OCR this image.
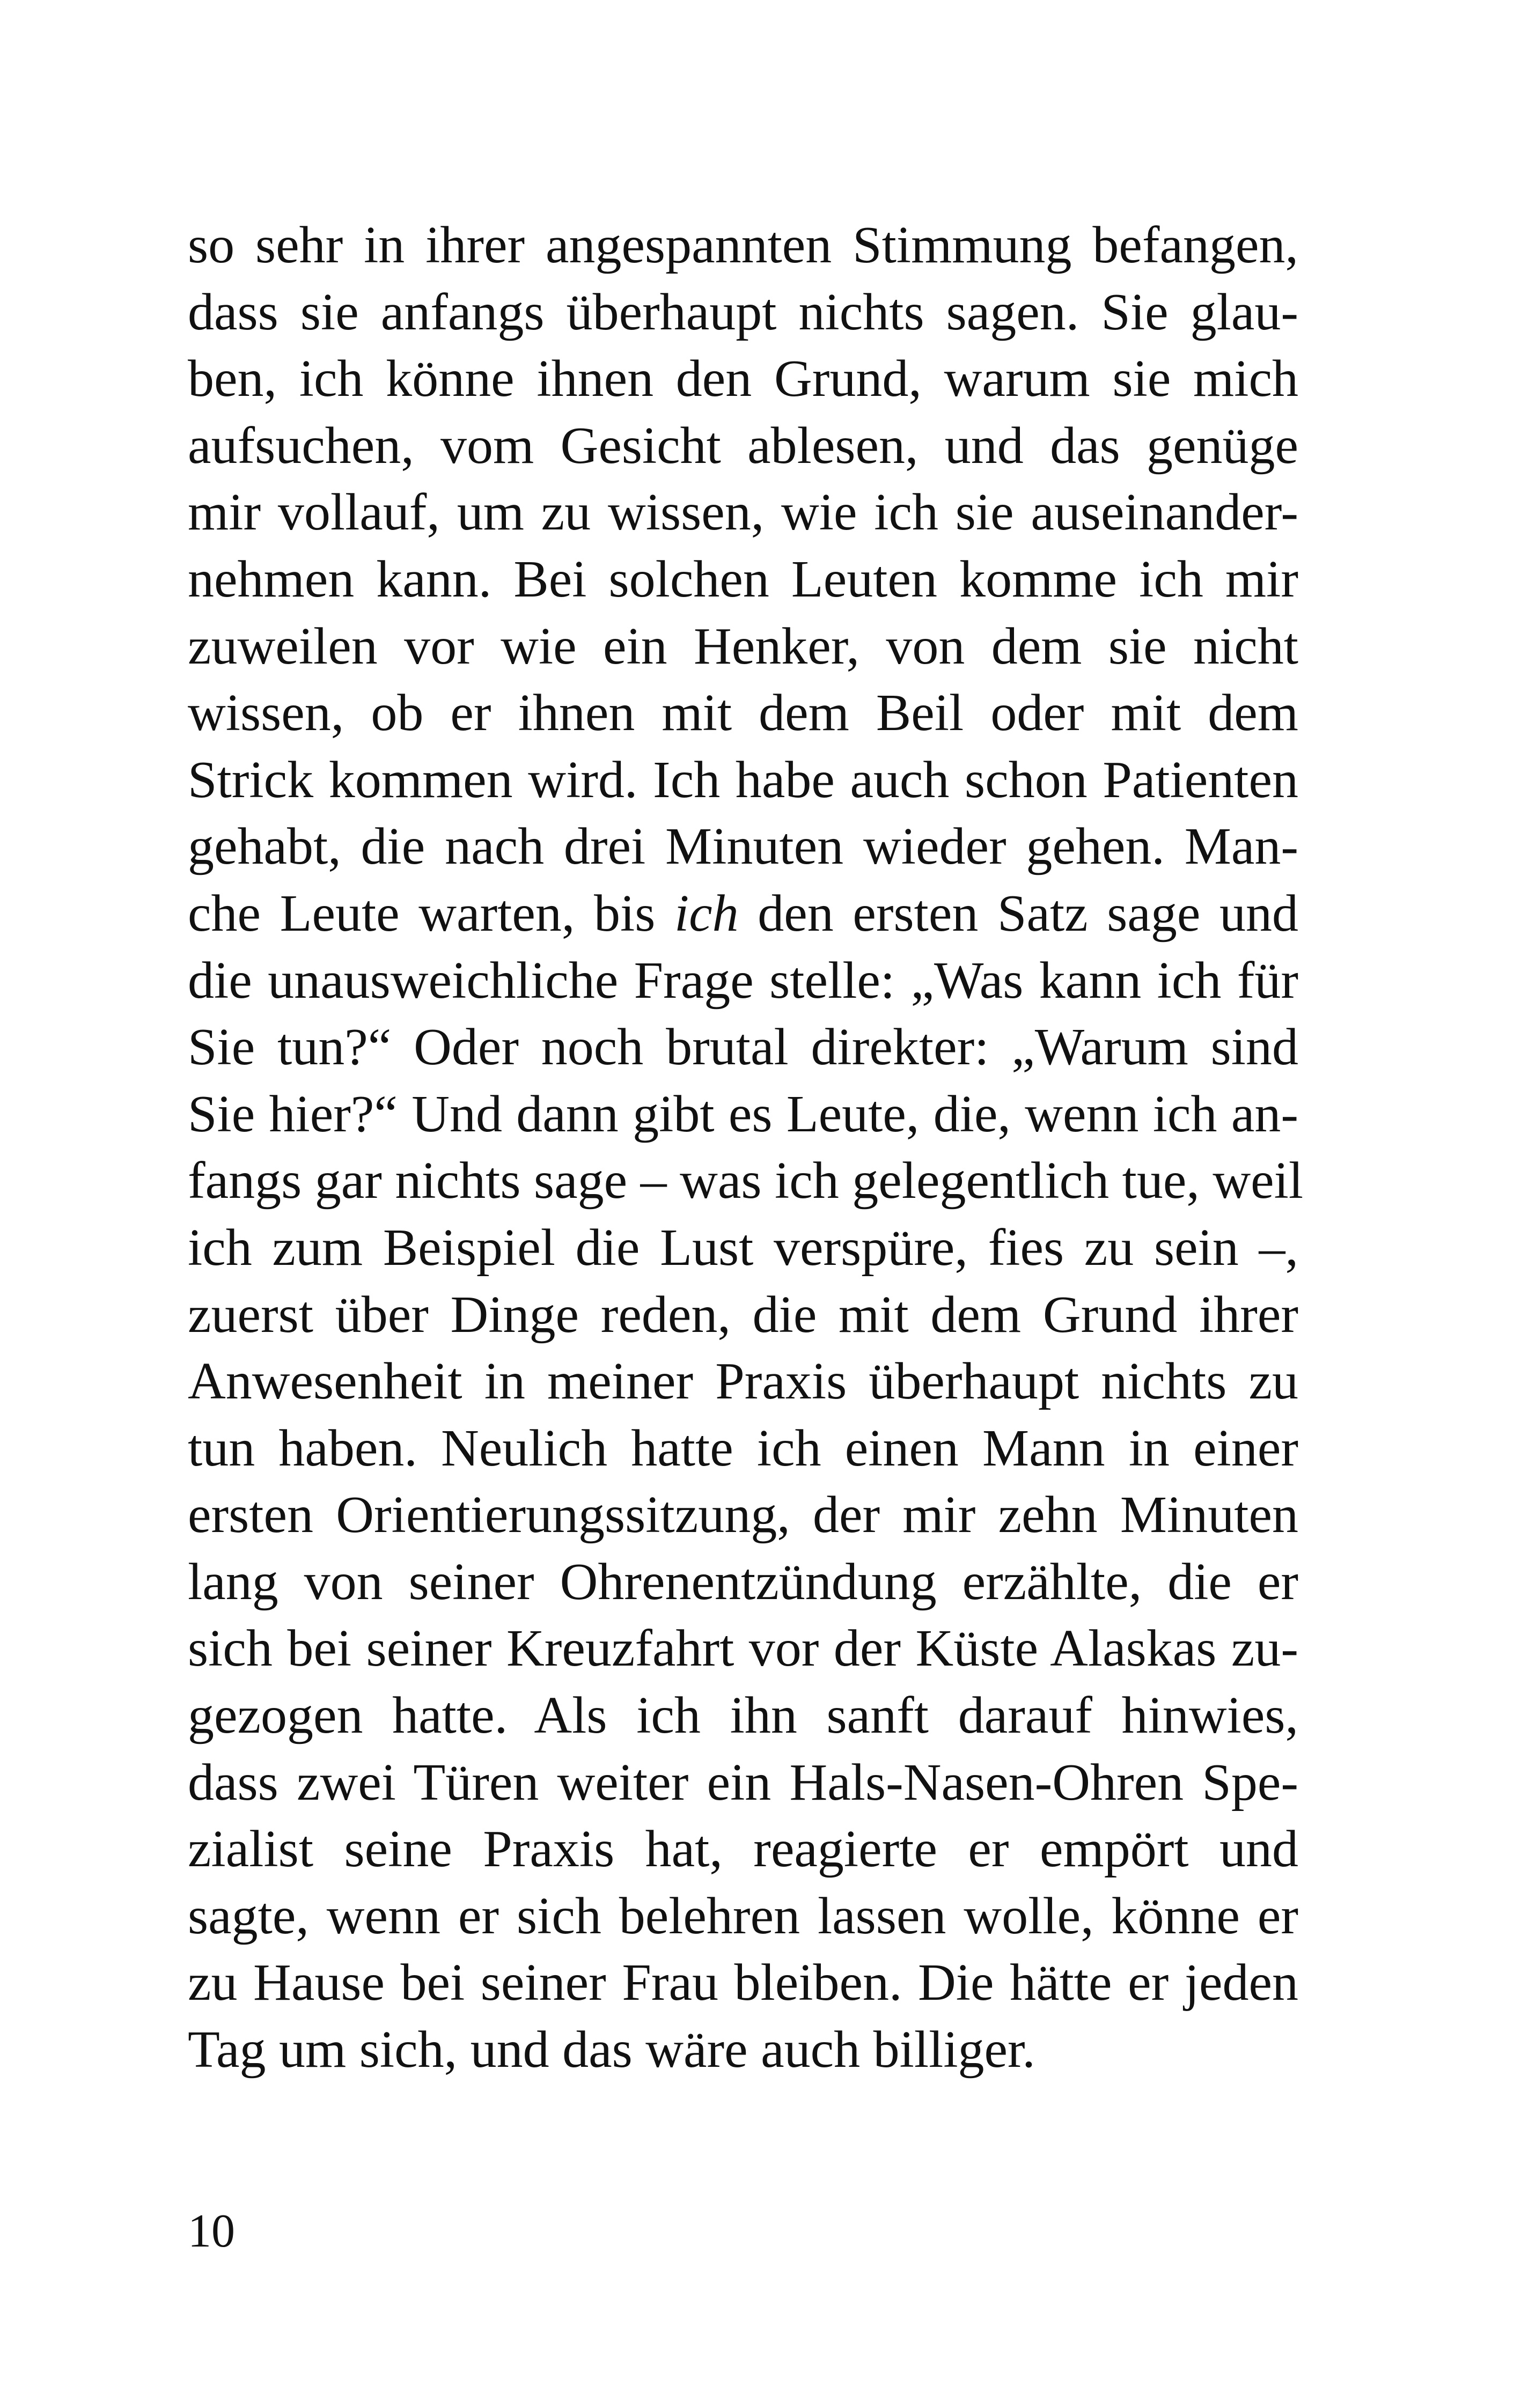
so sehr in ihrer angespannten Stimmung befangen,
dass sie anfangs überhaupt nichts sagen. Sie glau-
ben, ich könne ihnen den Grund, warum sie mich
aufsuchen, vom Gesicht ablesen, und das genüge
mir vollauf, um zu wissen, wie ich sie auseinander-
nehmen kann. Bei solchen Leuten komme ich mir
zuweilen vor wie ein Henker, von dem sie nicht
wissen, ob er ihnen mit dem Beil oder mit dem
Strick kommen wird. Ich habe auch schon Patienten
gehabt, die nach drei Minuten wieder gehen. Man-
che Leute warten, bis ich den ersten Satz sage und
die unausweichliche Frage stelle: „Was kann ich für
Sie tun?“ Oder noch brutal direkter: „Warum sind
Sie hier?“ Und dann gibt es Leute, die, wenn ich an-
fangs gar nichts sage – was ich gelegentlich tue, weil
ich zum Beispiel die Lust verspüre, fies zu sein –,
zuerst über Dinge reden, die mit dem Grund ihrer
Anwesenheit in meiner Praxis überhaupt nichts zu
tun haben. Neulich hatte ich einen Mann in einer
ersten Orientierungssitzung, der mir zehn Minuten
lang von seiner Ohrenentzündung erzählte, die er
sich bei seiner Kreuzfahrt vor der Küste Alaskas zu-
gezogen hatte. Als ich ihn sanft darauf hinwies,
dass zwei Türen weiter ein Hals-Nasen-Ohren Spe-
zialist seine Praxis hat, reagierte er empört und
sagte, wenn er sich belehren lassen wolle, könne er
zu Hause bei seiner Frau bleiben. Die hätte er jeden
Tag um sich, und das wäre auch billiger.
10
